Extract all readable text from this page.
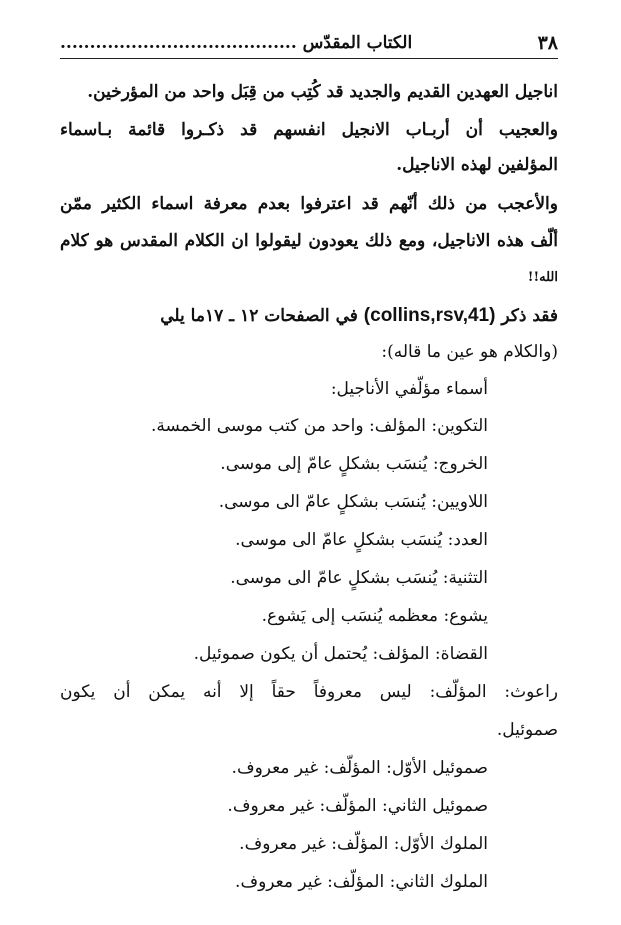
٣٨
الكتاب المقدّس ........................................
اناجيل العهدين القديم والجديد قد كُتِب من قِبَل واحد من المؤرخين.
والعجيب أن أربـاب الانجيل انفسهم قد ذكـروا قائمة بـاسماء
المؤلفين لهذه الاناجيل.
والأعجب من ذلك أنّهم قد اعترفوا بعدم معرفة اسماء الكثير ممّن
ألّف هذه الاناجيل، ومع ذلك يعودون ليقولوا ان الكلام المقدس هو كلام
الله!!
فقد ذكر (collins,rsv,41) في الصفحات ١٢ ـ ١٧ما يلي
(والكلام هو عين ما قاله):
أسماء مؤلّفي الأناجيل:
التكوين: المؤلف: واحد من كتب موسى الخمسة.
الخروج: يُنسَب بشكلٍ عامّ إلى موسى.
اللاويين: يُنسَب بشكلٍ عامّ الى موسى.
العدد: يُنسَب بشكلٍ عامّ الى موسى.
التثنية: يُنسَب بشكلٍ عامّ الى موسى.
يشوع: معظمه يُنسَب إلى يَشوع.
القضاة: المؤلف: يُحتمل أن يكون صموئيل.
راعوث: المؤلّف: ليس معروفاً حقاً إلا أنه يمكن أن يكون
صموئيل.
صموئيل الأوّل: المؤلّف: غير معروف.
صموئيل الثاني: المؤلّف: غير معروف.
الملوك الأوّل: المؤلّف: غير معروف.
الملوك الثاني: المؤلّف: غير معروف.
